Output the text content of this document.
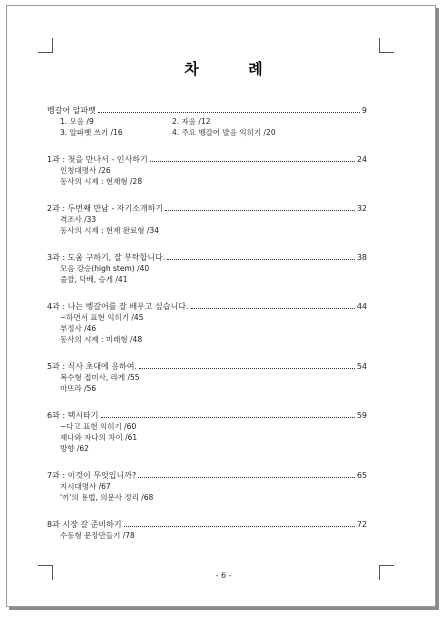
차 례
벵갈어 알파벳	9
1. 모음 /9	2. 자음 /12
3. 알파벳 쓰기 /16	4. 주요 벵갈어 발음 익히기 /20
1과 : 첫을 만나서 - 인사하기	24
인칭대명사 /26
동사의 시제 : 현재형 /28
2과 : 두번째 만남 - 자기소개하기	32
격조사 /33
동사의 시제 : 현재 완료형 /34
3과 : 도움 구하기, 잘 부탁합니다.	38
모음 강승(high stem) /40
줄깔, 닥베, 승게 /41
4과 : 나는 벵갈어를 잘 배우고 싶습니다.	44
~하면서 표현 익히기 /45
부정사 /46
동사의 시제 : 미래형 /48
5과 : 식사 초대에 응하여.	54
복수형 접미사, 라게 /55
마뜨라 /56
6과 : 택시타기	59
~다고 표현 익히기 /60
재나와 자나의 차이 /61
방향 /62
7과 : 이것이 무엇입니까?	65
지시대명사 /67
'끼'의 용법, 의문사 정리 /68
8과 시장 갈 준비하기	72
수동형 문장만들기 /78
- 6 -
